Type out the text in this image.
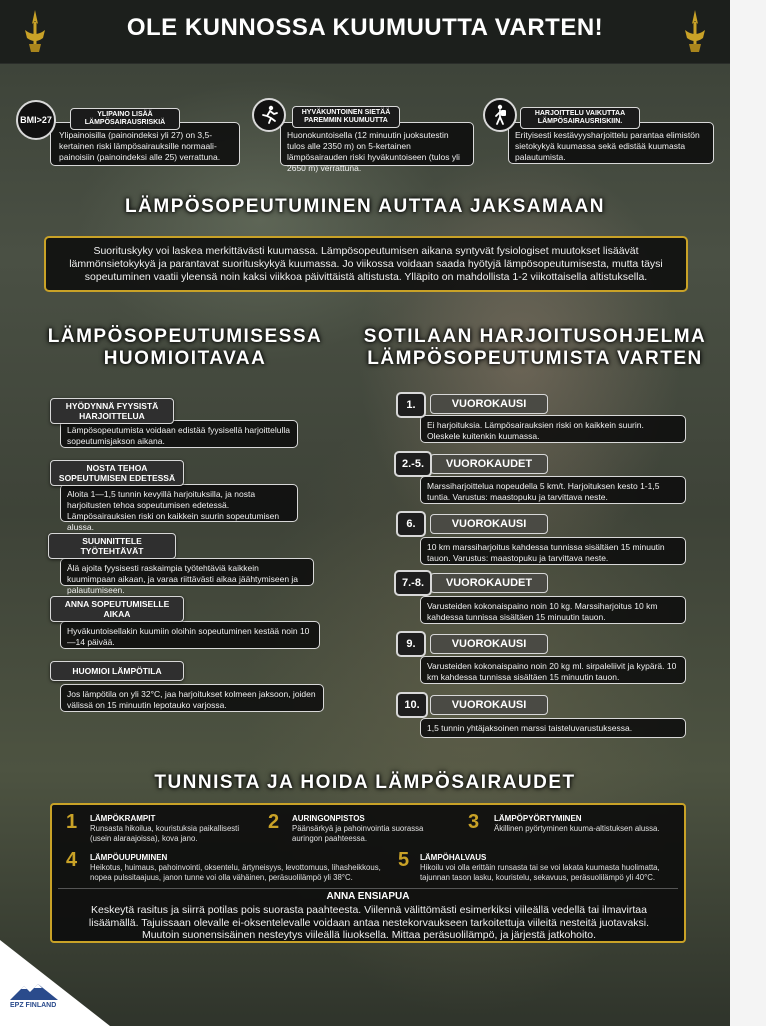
OLE KUNNOSSA KUUMUUTTA VARTEN!
Ylipainoisilla (painoindeksi yli 27) on 3,5-kertainen riski lämpösairauksille normaali-painoisiin (painoindeksi alle 25) verrattuna.
YLIPAINO LISÄÄ LÄMPÖSAIRAUSRISKIÄ
BMI>27
Huonokuntoisella (12 minuutin juoksutestin tulos alle 2350 m) on 5-kertainen lämpösairauden riski hyväkuntoiseen (tulos yli 2650 m) verrattuna.
HYVÄKUNTOINEN SIETÄÄ PAREMMIN KUUMUUTTA
Erityisesti kestävyysharjoittelu parantaa elimistön sietokykyä kuumassa sekä edistää kuumasta palautumista.
HARJOITTELU VAIKUTTAA LÄMPÖSAIRAUSRISKIIN.
LÄMPÖSOPEUTUMINEN AUTTAA JAKSAMAAN
Suorituskyky voi laskea merkittävästi kuumassa. Lämpösopeutumisen aikana syntyvät fysiologiset muutokset lisäävät lämmönsietokykyä ja parantavat suorituskykyä kuumassa. Jo viikossa voidaan saada hyötyjä lämpösopeutumisesta, mutta täysi sopeutuminen vaatii yleensä noin kaksi viikkoa päivittäistä altistusta. Ylläpito on mahdollista 1-2 viikottaisella altistuksella.
LÄMPÖSOPEUTUMISESSA
HUOMIOITAVAA
SOTILAAN HARJOITUSOHJELMA
LÄMPÖSOPEUTUMISTA VARTEN
Lämpösopeutumista voidaan edistää fyysisellä harjoittelulla sopeutumisjakson aikana.
HYÖDYNNÄ FYYSISTÄ HARJOITTELUA
Aloita 1—1,5 tunnin kevyillä harjoituksilla, ja nosta harjoitusten tehoa sopeutumisen edetessä. Lämpösairauksien riski on kaikkein suurin sopeutumisen alussa.
NOSTA TEHOA SOPEUTUMISEN EDETESSÄ
Älä ajoita fyysisesti raskaimpia työtehtäviä kaikkein kuumimpaan aikaan, ja varaa riittävästi aikaa jäähtymiseen ja palautumiseen.
SUUNNITTELE TYÖTEHTÄVÄT
Hyväkuntoisellakin kuumiin oloihin sopeutuminen kestää noin 10—14 päivää.
ANNA SOPEUTUMISELLE AIKAA
Jos lämpötila on yli 32°C, jaa harjoitukset kolmeen jaksoon, joiden välissä on 15 minuutin lepotauko varjossa.
HUOMIOI LÄMPÖTILA
Ei harjoituksia. Lämpösairauksien riski on kaikkein suurin. Oleskele kuitenkin kuumassa.
VUOROKAUSI
1.
Marssiharjoittelua nopeudella 5 km/t. Harjoituksen kesto 1-1,5 tuntia. Varustus: maastopuku ja tarvittava neste.
VUOROKAUDET
2.-5.
10 km marssiharjoitus kahdessa tunnissa sisältäen 15 minuutin tauon. Varustus: maastopuku ja tarvittava neste.
VUOROKAUSI
6.
Varusteiden kokonaispaino noin 10 kg. Marssiharjoitus 10 km kahdessa tunnissa sisältäen 15 minuutin tauon.
VUOROKAUDET
7.-8.
Varusteiden kokonaispaino noin 20 kg ml. sirpaleliivit ja kypärä. 10 km kahdessa tunnissa sisältäen 15 minuutin tauon.
VUOROKAUSI
9.
1,5 tunnin yhtäjaksoinen marssi taisteluvarustuksessa.
VUOROKAUSI
10.
TUNNISTA JA HOIDA LÄMPÖSAIRAUDET
1 LÄMPÖKRAMPIT
Runsasta hikoilua, kouristuksia paikallisesti (usein alaraajoissa), kova jano.
2 AURINGONPISTOS
Päänsärkyä ja pahoinvointia suorassa auringon paahteessa.
3 LÄMPÖPYÖRTYMINEN
Äkillinen pyörtyminen kuuma-altistuksen alussa.
4 LÄMPÖUUPUMINEN
Heikotus, huimaus, pahoinvointi, oksentelu, ärtyneisyys, levottomuus, lihasheikkous, nopea pulssitaajuus, janon tunne voi olla vähäinen, peräsuolilämpö yli 38°C.
5 LÄMPÖHALVAUS
Hikoilu voi olla erittäin runsasta tai se voi lakata kuumasta huolimatta, tajunnan tason lasku, kouristelu, sekavuus, peräsuolilämpö yli 40°C.
ANNA ENSIAPUA
Keskeytä rasitus ja siirrä potilas pois suorasta paahteesta. Viilennä välittömästi esimerkiksi viileällä vedellä tai ilmavirtaa lisäämällä. Tajuissaan olevalle ei-oksentelevalle voidaan antaa nestekorvaukseen tarkoitettuja viileitä nesteitä juotavaksi. Muutoin suonensisäinen nesteytys viileällä liuoksella. Mittaa peräsuolilämpö, ja järjestä jatkohoito.
EPZ FINLAND
